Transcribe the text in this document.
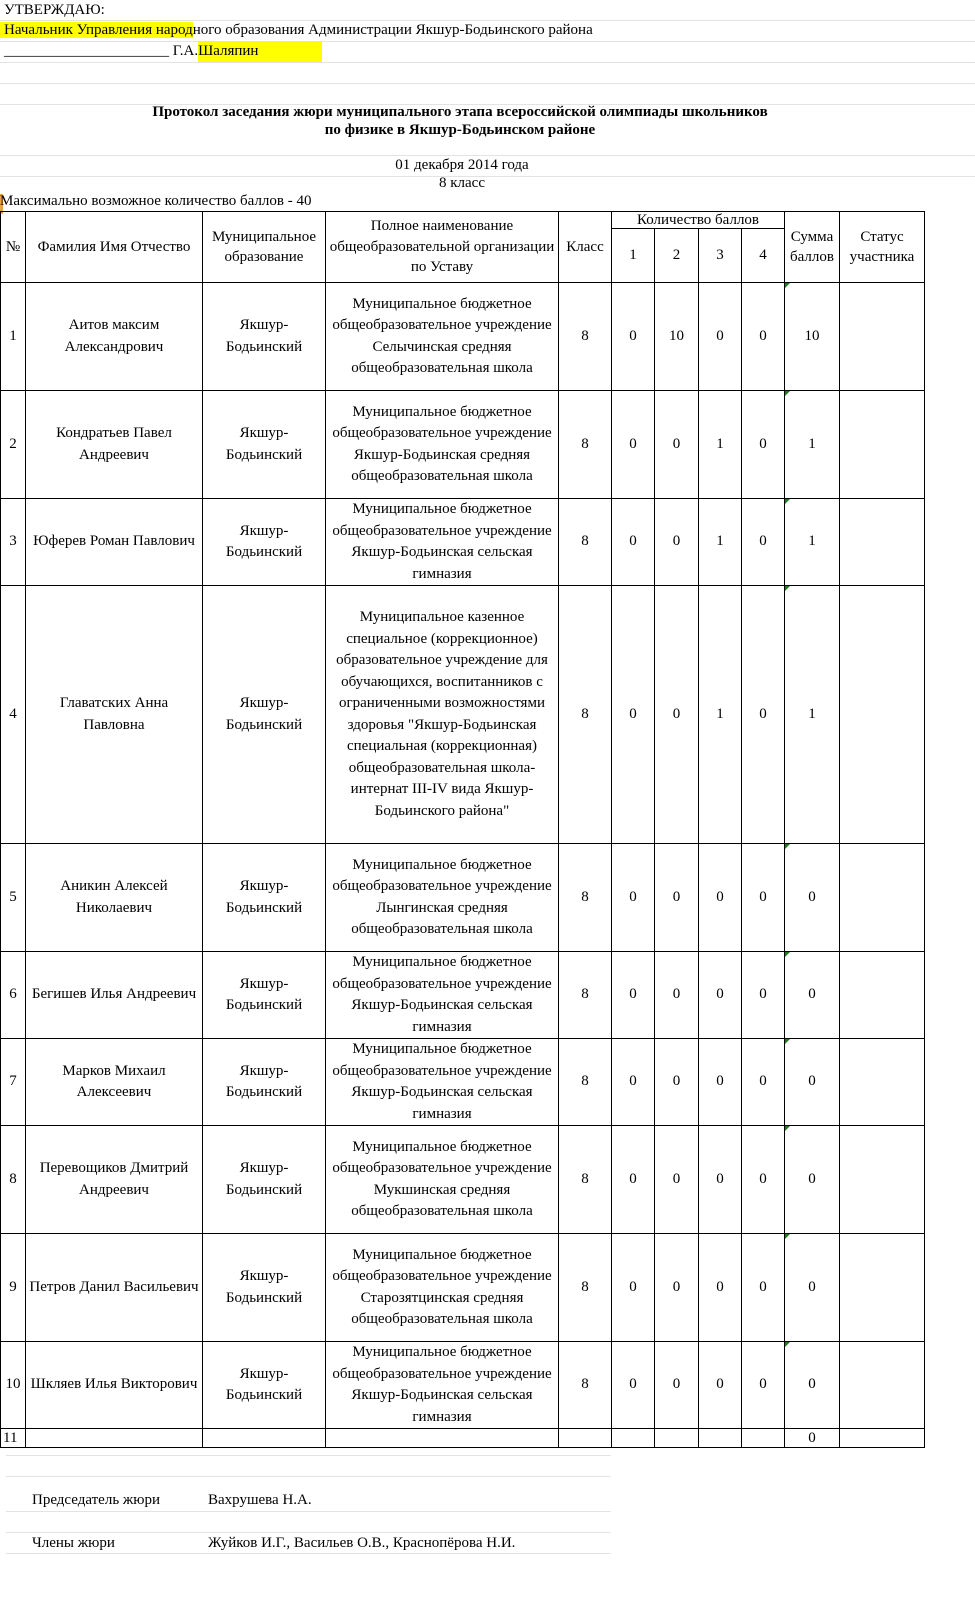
УТВЕРЖДАЮ:
Начальник Управления народного образования Администрации Якшур-Бодьинского района
______________________ Г.А.Шаляпин
Протокол заседания жюри муниципального этапа всероссийской олимпиады школьников
по физике в Якшур-Бодьинском районе
01 декабря 2014 года
8 класс
Максимально возможное количество баллов - 40
№	Фамилия Имя Отчество	Муниципальное образование	Полное наименование общеобразовательной организации по Уставу	Класс	Количество баллов				Сумма баллов	Статус участника
					1	2	3	4		
1	Аитов максим Александрович	Якшур-Бодьинский	Муниципальное бюджетное общеобразовательное учреждение Селычинская средняя общеобразовательная школа	8	0	10	0	0	10

2	Кондратьев Павел Андреевич	Якшур-Бодьинский	Муниципальное бюджетное общеобразовательное учреждение Якшур-Бодьинская средняя общеобразовательная школа	8	0	0	1	0	1

3	Юферев Роман Павлович	Якшур-Бодьинский	Муниципальное бюджетное общеобразовательное учреждение Якшур-Бодьинская сельская гимназия	8	0	0	1	0	1

4	Главатских Анна Павловна	Якшур-Бодьинский	Муниципальное казенное специальное (коррекционное) образовательное учреждение для обучающихся, воспитанников с ограниченными возможностями здоровья "Якшур-Бодьинская специальная (коррекционная) общеобразовательная школа-интернат III-IV вида Якшур-Бодьинского района"	8	0	0	1	0	1

5	Аникин Алексей Николаевич	Якшур-Бодьинский	Муниципальное бюджетное общеобразовательное учреждение Лынгинская средняя общеобразовательная школа	8	0	0	0	0	0

6	Бегишев Илья Андреевич	Якшур-Бодьинский	Муниципальное бюджетное общеобразовательное учреждение Якшур-Бодьинская сельская гимназия	8	0	0	0	0	0

7	Марков Михаил Алексеевич	Якшур-Бодьинский	Муниципальное бюджетное общеобразовательное учреждение Якшур-Бодьинская сельская гимназия	8	0	0	0	0	0

8	Перевощиков Дмитрий Андреевич	Якшур-Бодьинский	Муниципальное бюджетное общеобразовательное учреждение Мукшинская средняя общеобразовательная школа	8	0	0	0	0	0

9	Петров Данил Васильевич	Якшур-Бодьинский	Муниципальное бюджетное общеобразовательное учреждение Старозятцинская средняя общеобразовательная школа	8	0	0	0	0	0

10	Шкляев Илья Викторович	Якшур-Бодьинский	Муниципальное бюджетное общеобразовательное учреждение Якшур-Бодьинская сельская гимназия	8	0	0	0	0	0

11									0	
Председатель жюри	Вахрушева Н.А.
Члены жюри	Жуйков И.Г., Васильев О.В., Краснопёрова Н.И.
